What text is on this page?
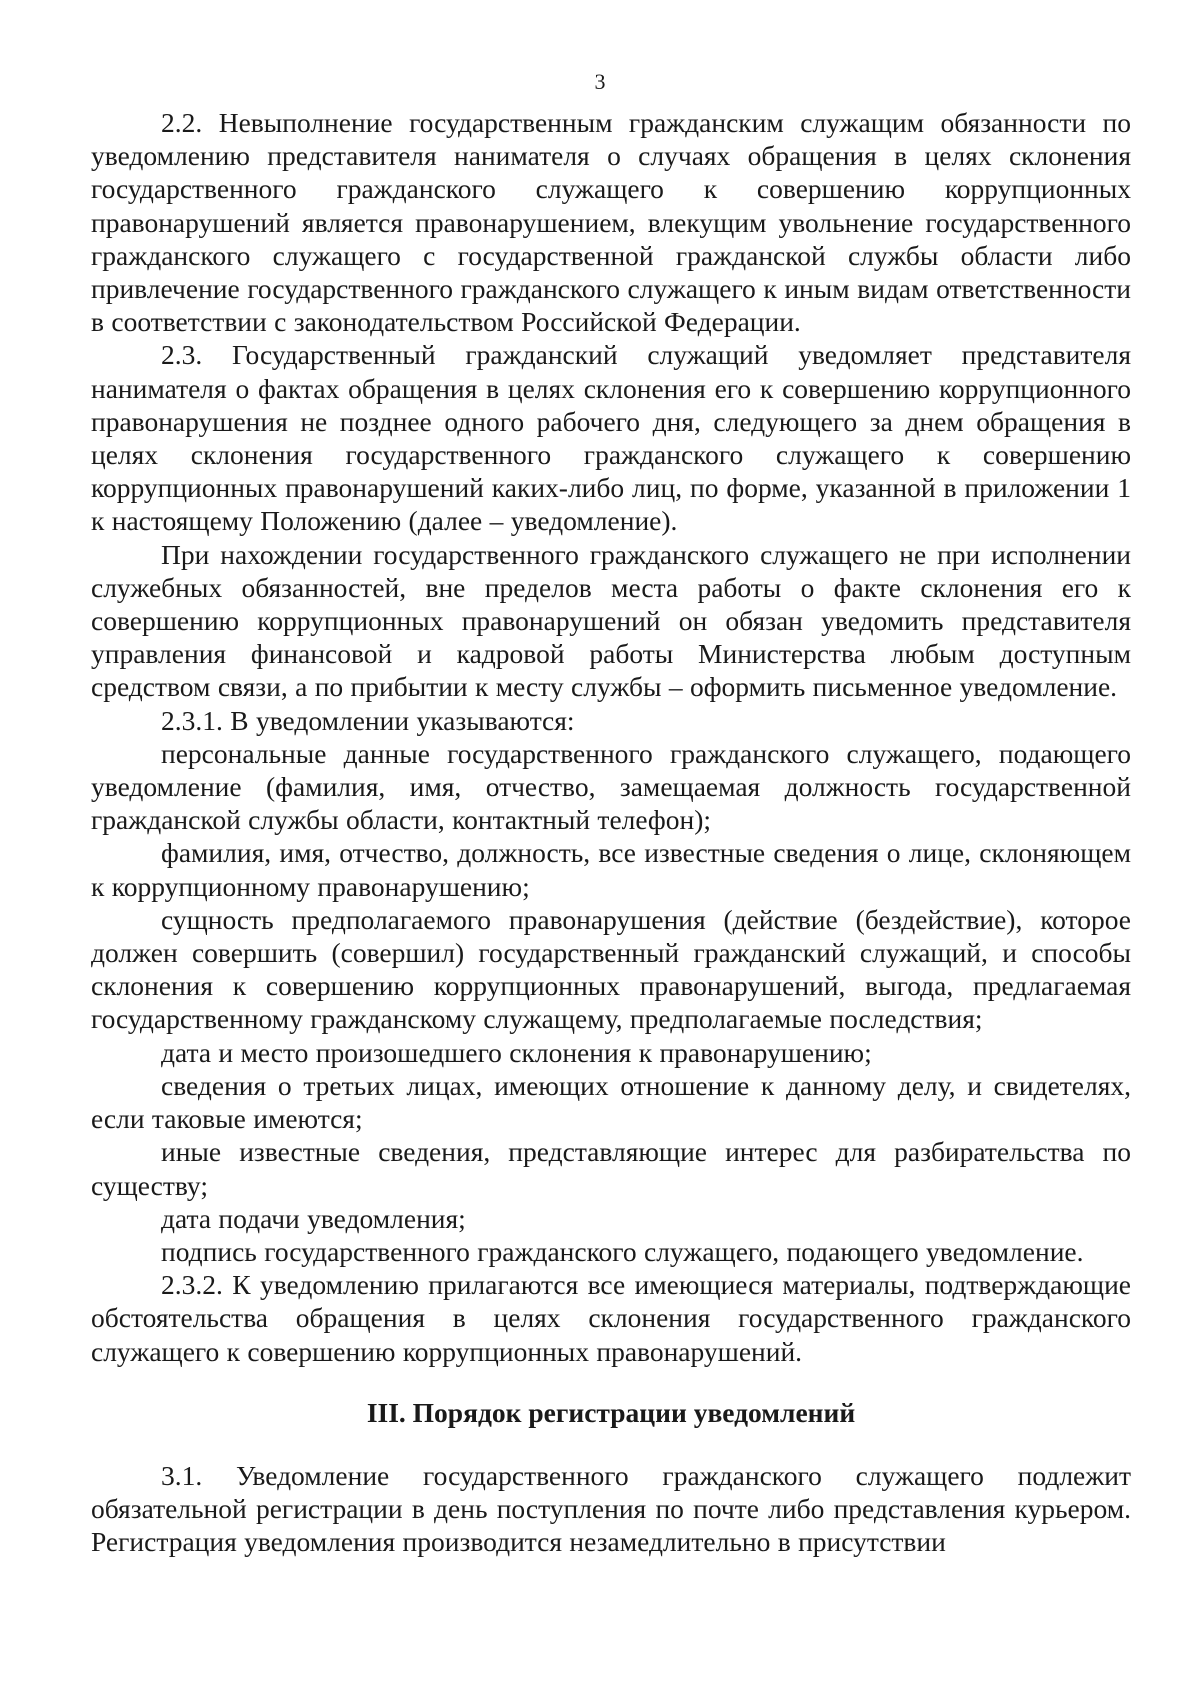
3

2.2. Невыполнение государственным гражданским служащим обязанности по уведомлению представителя нанимателя о случаях обращения в целях склонения государственного гражданского служащего к совершению коррупционных правонарушений является правонарушением, влекущим увольнение государственного гражданского служащего с государственной гражданской службы области либо привлечение государственного гражданского служащего к иным видам ответственности в соответствии с законодательством Российской Федерации.

2.3. Государственный гражданский служащий уведомляет представителя нанимателя о фактах обращения в целях склонения его к совершению коррупционного правонарушения не позднее одного рабочего дня, следующего за днем обращения в целях склонения государственного гражданского служащего к совершению коррупционных правонарушений каких-либо лиц, по форме, указанной в приложении 1 к настоящему Положению (далее – уведомление).

При нахождении государственного гражданского служащего не при исполнении служебных обязанностей, вне пределов места работы о факте склонения его к совершению коррупционных правонарушений он обязан уведомить представителя управления финансовой и кадровой работы Министерства любым доступным средством связи, а по прибытии к месту службы – оформить письменное уведомление.

2.3.1. В уведомлении указываются:

персональные данные государственного гражданского служащего, подающего уведомление (фамилия, имя, отчество, замещаемая должность государственной гражданской службы области, контактный телефон);

фамилия, имя, отчество, должность, все известные сведения о лице, склоняющем к коррупционному правонарушению;

сущность предполагаемого правонарушения (действие (бездействие), которое должен совершить (совершил) государственный гражданский служащий, и способы склонения к совершению коррупционных правонарушений, выгода, предлагаемая государственному гражданскому служащему, предполагаемые последствия;

дата и место произошедшего склонения к правонарушению;

сведения о третьих лицах, имеющих отношение к данному делу, и свидетелях, если таковые имеются;

иные известные сведения, представляющие интерес для разбирательства по существу;

дата подачи уведомления;

подпись государственного гражданского служащего, подающего уведомление.

2.3.2. К уведомлению прилагаются все имеющиеся материалы, подтверждающие обстоятельства обращения в целях склонения государственного гражданского служащего к совершению коррупционных правонарушений.

III. Порядок регистрации уведомлений

3.1. Уведомление государственного гражданского служащего подлежит обязательной регистрации в день поступления по почте либо представления курьером. Регистрация уведомления производится незамедлительно в присутствии
